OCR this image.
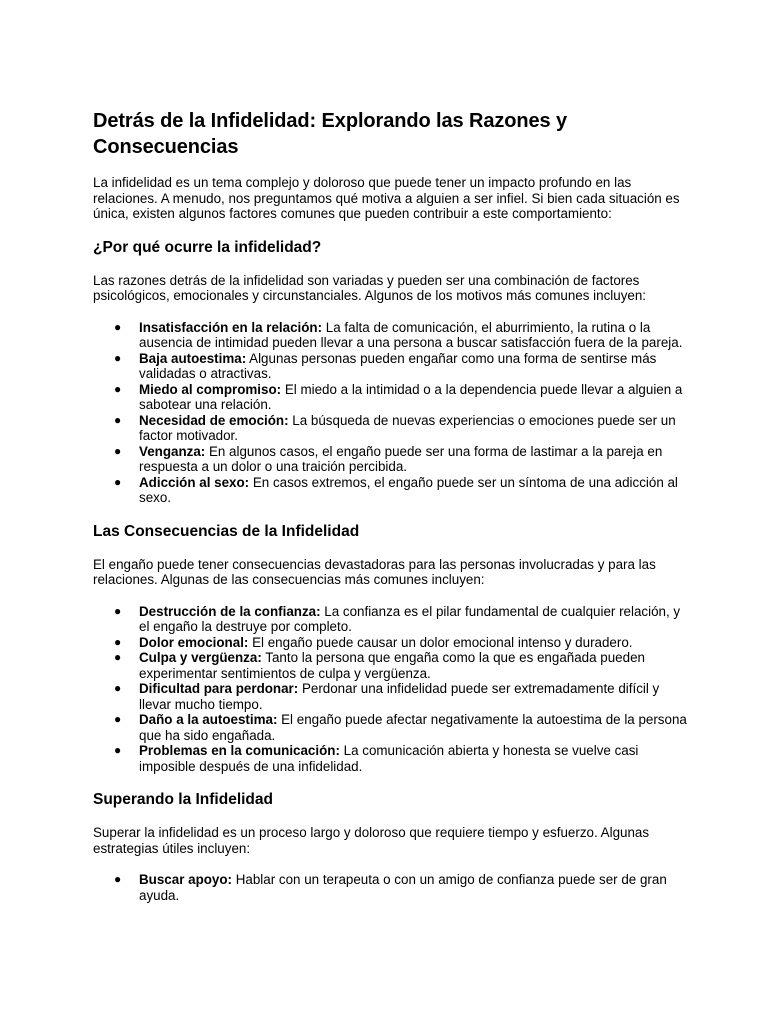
Detrás de la Infidelidad: Explorando las Razones y Consecuencias

La infidelidad es un tema complejo y doloroso que puede tener un impacto profundo en las relaciones. A menudo, nos preguntamos qué motiva a alguien a ser infiel. Si bien cada situación es única, existen algunos factores comunes que pueden contribuir a este comportamiento:

¿Por qué ocurre la infidelidad?

Las razones detrás de la infidelidad son variadas y pueden ser una combinación de factores psicológicos, emocionales y circunstanciales. Algunos de los motivos más comunes incluyen:

● Insatisfacción en la relación: La falta de comunicación, el aburrimiento, la rutina o la ausencia de intimidad pueden llevar a una persona a buscar satisfacción fuera de la pareja.
● Baja autoestima: Algunas personas pueden engañar como una forma de sentirse más validadas o atractivas.
● Miedo al compromiso: El miedo a la intimidad o a la dependencia puede llevar a alguien a sabotear una relación.
● Necesidad de emoción: La búsqueda de nuevas experiencias o emociones puede ser un factor motivador.
● Venganza: En algunos casos, el engaño puede ser una forma de lastimar a la pareja en respuesta a un dolor o una traición percibida.
● Adicción al sexo: En casos extremos, el engaño puede ser un síntoma de una adicción al sexo.
Las Consecuencias de la Infidelidad

El engaño puede tener consecuencias devastadoras para las personas involucradas y para las relaciones. Algunas de las consecuencias más comunes incluyen:

● Destrucción de la confianza: La confianza es el pilar fundamental de cualquier relación, y el engaño la destruye por completo.
● Dolor emocional: El engaño puede causar un dolor emocional intenso y duradero.
● Culpa y vergüenza: Tanto la persona que engaña como la que es engañada pueden experimentar sentimientos de culpa y vergüenza.
● Dificultad para perdonar: Perdonar una infidelidad puede ser extremadamente difícil y llevar mucho tiempo.
● Daño a la autoestima: El engaño puede afectar negativamente la autoestima de la persona que ha sido engañada.
● Problemas en la comunicación: La comunicación abierta y honesta se vuelve casi imposible después de una infidelidad.
Superando la Infidelidad

Superar la infidelidad es un proceso largo y doloroso que requiere tiempo y esfuerzo. Algunas estrategias útiles incluyen:

● Buscar apoyo: Hablar con un terapeuta o con un amigo de confianza puede ser de gran ayuda.
